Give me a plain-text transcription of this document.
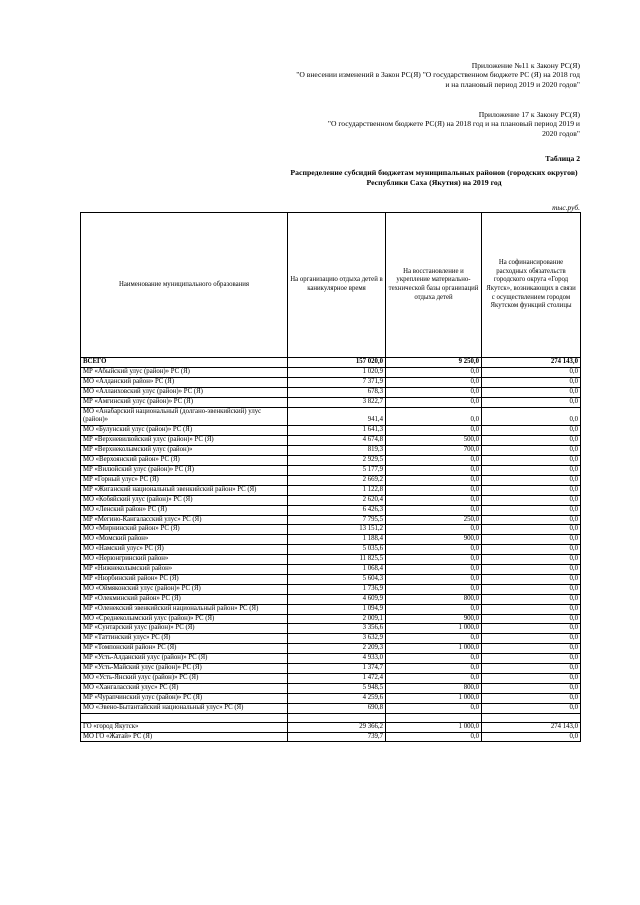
Приложение №11 к Закону РС(Я)
"О внесении изменений в Закон РС(Я) "О государственном бюджете РС (Я) на 2018 год
и на плановый период 2019 и 2020 годов"
Приложение 17 к Закону РС(Я)
"О государственном бюджете РС(Я) на 2018 год и на плановый период 2019 и
2020 годов"
Таблица 2
Распределение субсидий бюджетам муниципальных районов (городских округов) Республики Саха (Якутия) на 2019 год
тыс.руб.
Наименование муниципального образования	На организацию отдыха детей в каникулярное время	На восстановление и укрепление материально-технической базы организаций отдыха детей	На софинансирование расходных обязательств городского округа «Город Якутск», возникающих в связи с осуществлением городом Якутском функций столицы
ВСЕГО	157 020,0	9 250,0	274 143,0
МР «Абыйский улус (район)» РС (Я)	1 020,9	0,0	0,0
МО «Алданский район» РС (Я)	7 371,9	0,0	0,0
МО «Аллаиховский улус (район)» РС (Я)	678,3	0,0	0,0
МР «Амгинский улус (район)» РС (Я)	3 822,7	0,0	0,0
МО «Анабарский национальный (долгано-эвенкийский) улус (район)»	941,4	0,0	0,0
МО «Булунский улус (район)» РС (Я)	1 641,3	0,0	0,0
МР «Верхневилюйский улус (район)» РС (Я)	4 674,8	500,0	0,0
МР «Верхнеколымский улус (район)»	819,3	700,0	0,0
МО «Верхоянский район» РС (Я)	2 929,5	0,0	0,0
МР «Вилюйский улус (район)» РС (Я)	5 177,9	0,0	0,0
МР «Горный улус» РС (Я)	2 669,2	0,0	0,0
МР «Жиганский национальный эвенкийский район» РС (Я)	1 122,8	0,0	0,0
МО «Кобяйский улус (район)» РС (Я)	2 620,4	0,0	0,0
МО «Ленский район» РС (Я)	6 426,3	0,0	0,0
МР «Мегино-Кангаласский улус» РС (Я)	7 795,5	250,0	0,0
МО «Мирнинский район» РС (Я)	13 151,2	0,0	0,0
МО «Момский район»	1 188,4	900,0	0,0
МО «Намский улус» РС (Я)	5 035,6	0,0	0,0
МО «Нерюнгринский район»	11 825,5	0,0	0,0
МР «Нижнеколымский район»	1 068,4	0,0	0,0
МР «Нюрбинский район» РС (Я)	5 604,3	0,0	0,0
МО «Оймяконский улус (район)» РС (Я)	1 736,9	0,0	0,0
МР «Олекминский район» РС (Я)	4 609,9	800,0	0,0
МР «Оленекский эвенкийский национальный район» РС (Я)	1 094,9	0,0	0,0
МО «Среднеколымский улус (район)» РС (Я)	2 009,1	900,0	0,0
МР «Сунтарский улус (район)» РС (Я)	3 356,6	1 000,0	0,0
МР «Таттинский улус» РС (Я)	3 632,9	0,0	0,0
МР «Томпонский район» РС (Я)	2 209,3	1 000,0	0,0
МР «Усть-Алданский улус (район)» РС (Я)	4 933,0	0,0	0,0
МР «Усть-Майский улус (район)» РС (Я)	1 374,7	0,0	0,0
МО «Усть-Янский улус (район)» РС (Я)	1 472,4	0,0	0,0
МО «Хангаласский улус» РС (Я)	5 948,5	800,0	0,0
МР «Чурапчинский улус (район)» РС (Я)	4 259,6	1 000,0	0,0
МО «Эвено-Бытантайский национальный улус» РС (Я)	690,8	0,0	0,0

ГО «город Якутск»	29 366,2	1 000,0	274 143,0
МО ГО «Жатай» РС (Я)	739,7	0,0	0,0
